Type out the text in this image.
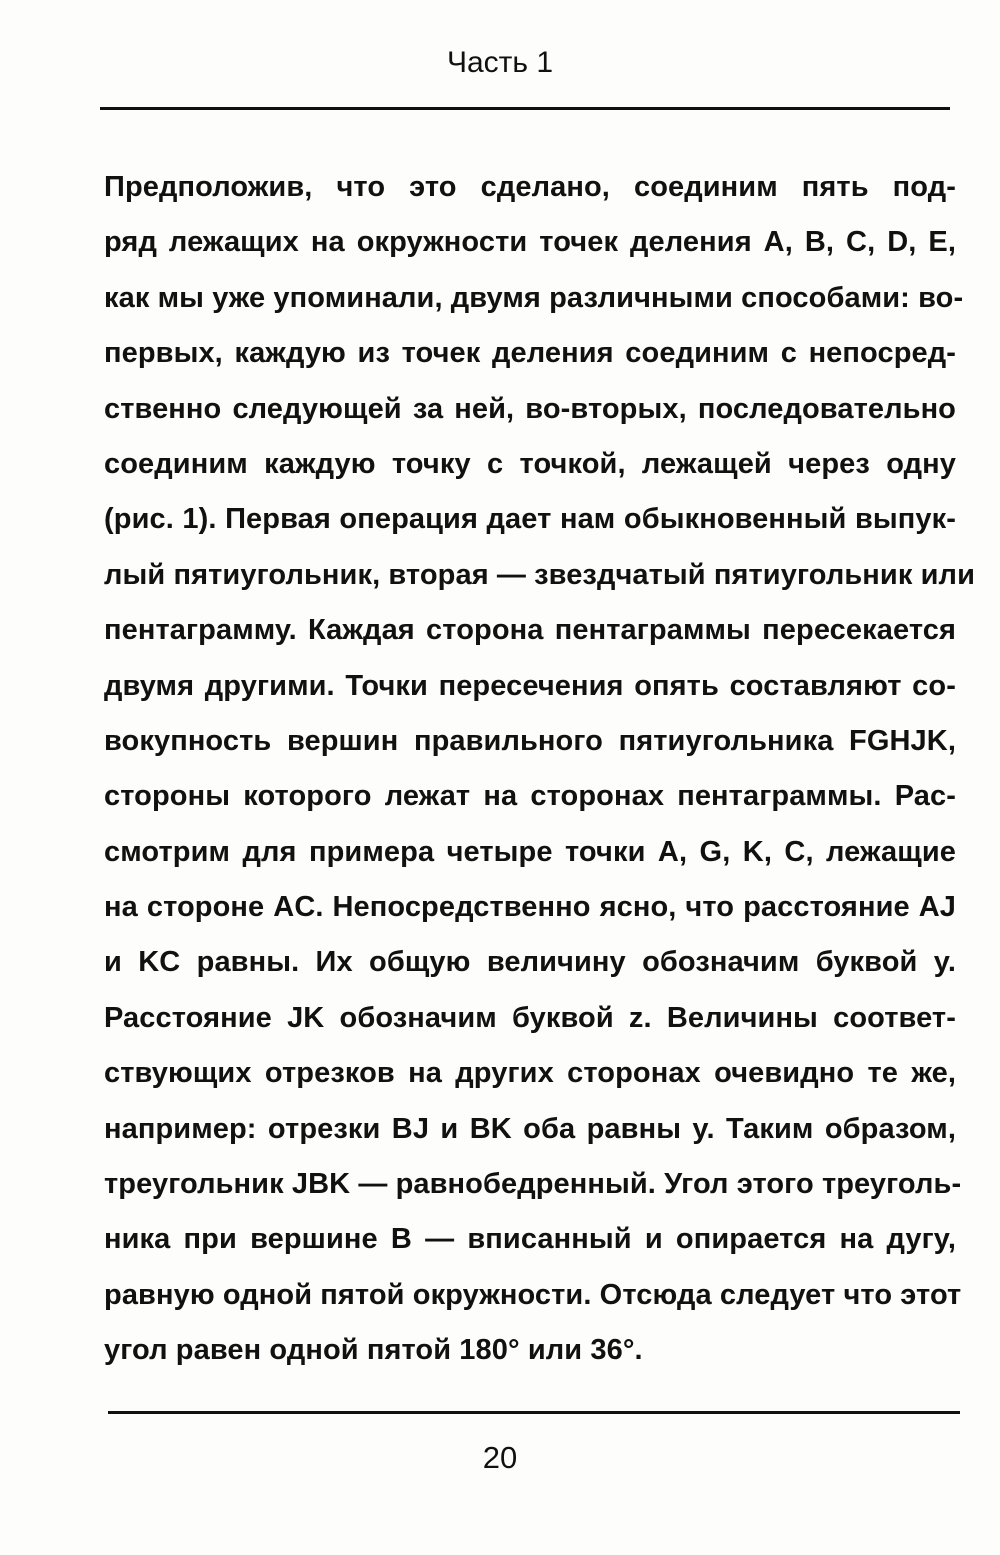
Часть 1
Предположив, что это сделано, соединим пять под-
ряд лежащих на окружности точек деления A, B, C, D, E,
как мы уже упоминали, двумя различными способами: во-
первых, каждую из точек деления соединим с непосред-
ственно следующей за ней, во-вторых, последовательно
соединим каждую точку с точкой, лежащей через одну
(рис. 1). Первая операция дает нам обыкновенный выпук-
лый пятиугольник, вторая — звездчатый пятиугольник или
пентаграмму. Каждая сторона пентаграммы пересекается
двумя другими. Точки пересечения опять составляют со-
вокупность вершин правильного пятиугольника FGHJK,
стороны которого лежат на сторонах пентаграммы. Рас-
смотрим для примера четыре точки A, G, K, C, лежащие
на стороне AC. Непосредственно ясно, что расстояние AJ
и KC равны. Их общую величину обозначим буквой y.
Расстояние JK обозначим буквой z. Величины соответ-
ствующих отрезков на других сторонах очевидно те же,
например: отрезки BJ и BK оба равны y. Таким образом,
треугольник JBK — равнобедренный. Угол этого треуголь-
ника при вершине B — вписанный и опирается на дугу,
равную одной пятой окружности. Отсюда следует что этот
угол равен одной пятой 180° или 36°.
20
